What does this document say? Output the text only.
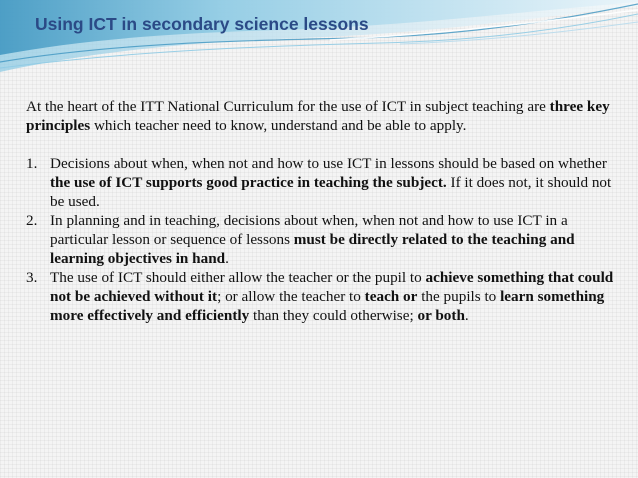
Using ICT in secondary science lessons

At the heart of the ITT National Curriculum for the use of ICT in subject teaching are three key principles which teacher need to know, understand and be able to apply.

1. Decisions about when, when not and how to use ICT in lessons should be based on whether the use of ICT supports good practice in teaching the subject. If it does not, it should not be used.
2. In planning and in teaching, decisions about when, when not and how to use ICT in a particular lesson or sequence of lessons must be directly related to the teaching and learning objectives in hand.
3. The use of ICT should either allow the teacher or the pupil to achieve something that could not be achieved without it; or allow the teacher to teach or the pupils to learn something more effectively and efficiently than they could otherwise; or both.
